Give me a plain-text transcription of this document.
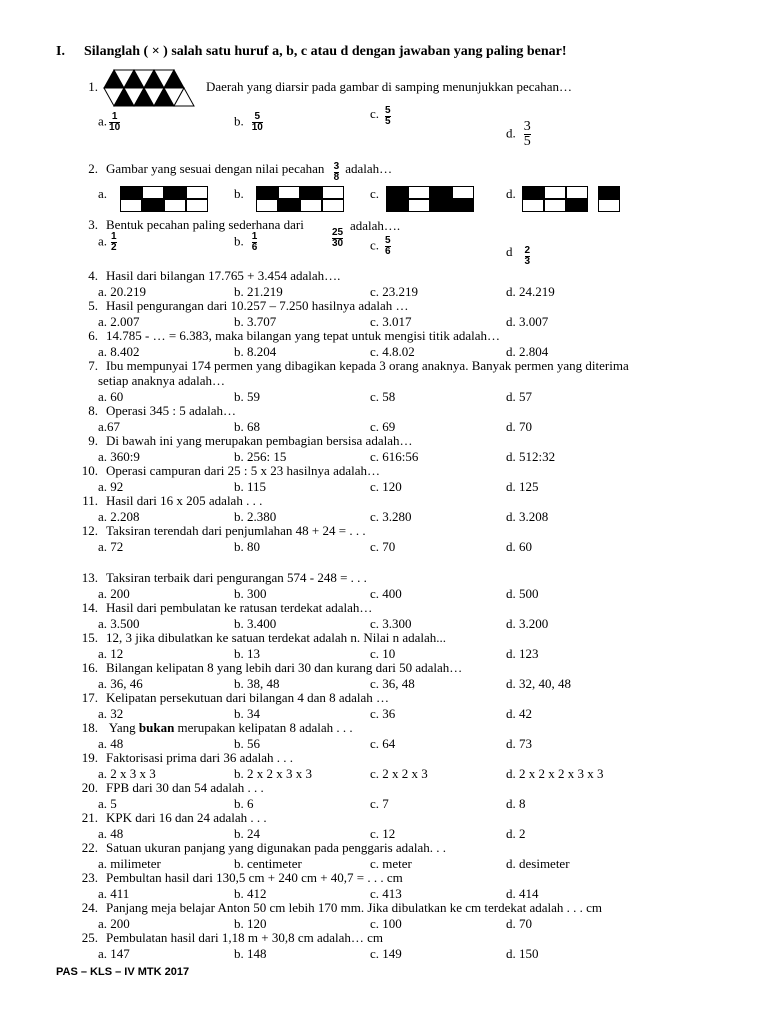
I. Silanglah ( × ) salah satu huruf a, b, c atau d dengan jawaban yang paling benar!
1.	Daerah yang diarsir pada gambar di samping menunjukkan pecahan…
a. $\frac{1}{10}$	b. $\frac{5}{10}$	c. $\frac{5}{5}$
d. $\frac{3}{5}$
2. Gambar yang sesuai dengan nilai pecahan $\frac{3}{8}$ adalah…
a.	b.	c.	d.
3. Bentuk pecahan paling sederhana dari
$\frac{25}{30}$
adalah….
a. $\frac{1}{2}$	b. $\frac{1}{6}$	c. $\frac{5}{6}$	d $\frac{2}{3}$
4. Hasil dari bilangan 17.765 + 3.454 adalah….
a. 20.219	b. 21.219	c. 23.219	d. 24.219
5. Hasil pengurangan dari 10.257 – 7.250 hasilnya adalah …
a. 2.007	b. 3.707	c. 3.017	d. 3.007
6. 14.785 - … = 6.383, maka bilangan yang tepat untuk mengisi titik adalah…
a. 8.402	b. 8.204	c. 4.8.02	d. 2.804
7. Ibu mempunyai 174 permen yang dibagikan kepada 3 orang anaknya. Banyak permen yang diterima
setiap anaknya adalah…
a. 60	b. 59	c. 58	d. 57
8. Operasi 345 : 5 adalah…
a.67	b. 68	c. 69	d. 70
9. Di bawah ini yang merupakan pembagian bersisa adalah…
a. 360:9	b. 256: 15	c. 616:56	d. 512:32
10. Operasi campuran dari 25 : 5 x 23 hasilnya adalah…
a. 92	b. 115	c. 120	d. 125
11. Hasil dari 16 x 205 adalah . . .
a. 2.208	b. 2.380	c. 3.280	d. 3.208
12. Taksiran terendah dari penjumlahan 48 + 24 = . . .
a. 72	b. 80	c. 70	d. 60
13. Taksiran terbaik dari pengurangan 574 - 248 = . . .
a. 200	b. 300	c. 400	d. 500
14. Hasil dari pembulatan ke ratusan terdekat adalah…
a. 3.500	b. 3.400	c. 3.300	d. 3.200
15. 12, 3 jika dibulatkan ke satuan terdekat adalah n. Nilai n adalah...
a. 12	b. 13	c. 10	d. 123
16. Bilangan kelipatan 8 yang lebih dari 30 dan kurang dari 50 adalah…
a. 36, 46	b. 38, 48	c. 36, 48	d. 32, 40, 48
17. Kelipatan persekutuan dari bilangan 4 dan 8 adalah …
a. 32	b. 34	c. 36	d. 42
18. Yang bukan merupakan kelipatan 8 adalah . . .
a. 48	b. 56	c. 64	d. 73
19. Faktorisasi prima dari 36 adalah . . .
a. 2 x 3 x 3	b. 2 x 2 x 3 x 3	c. 2 x 2 x 3	d. 2 x 2 x 2 x 3 x 3
20. FPB dari 30 dan 54 adalah . . .
a. 5	b. 6	c. 7	d. 8
21. KPK dari 16 dan 24 adalah . . .
a. 48	b. 24	c. 12	d. 2
22. Satuan ukuran panjang yang digunakan pada penggaris adalah. . .
a. milimeter	b. centimeter	c. meter	d. desimeter
23. Pembultan hasil dari 130,5 cm + 240 cm + 40,7 = . . . cm
a. 411	b. 412	c. 413	d. 414
24. Panjang meja belajar Anton 50 cm lebih 170 mm. Jika dibulatkan ke cm terdekat adalah . . . cm
a. 200	b. 120	c. 100	d. 70
25. Pembulatan hasil dari 1,18 m + 30,8 cm adalah… cm
a. 147	b. 148	c. 149	d. 150
PAS – KLS – IV MTK 2017
